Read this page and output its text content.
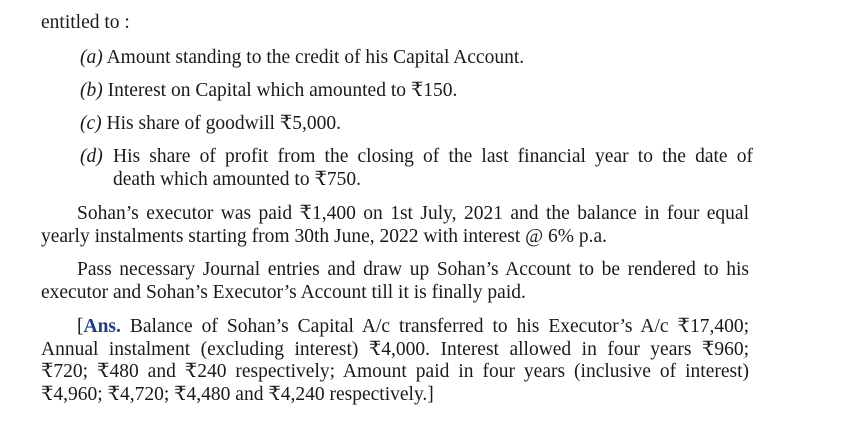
entitled to :
(a) Amount standing to the credit of his Capital Account.
(b) Interest on Capital which amounted to ₹150.
(c) His share of goodwill ₹5,000.
(d) His share of profit from the closing of the last financial year to the date of
death which amounted to ₹750.
Sohan’s executor was paid ₹1,400 on 1st July, 2021 and the balance in four equal
yearly instalments starting from 30th June, 2022 with interest @ 6% p.a.
Pass necessary Journal entries and draw up Sohan’s Account to be rendered to his
executor and Sohan’s Executor’s Account till it is finally paid.
[Ans. Balance of Sohan’s Capital A/c transferred to his Executor’s A/c ₹17,400;
Annual instalment (excluding interest) ₹4,000. Interest allowed in four years ₹960;
₹720; ₹480 and ₹240 respectively; Amount paid in four years (inclusive of interest)
₹4,960; ₹4,720; ₹4,480 and ₹4,240 respectively.]
